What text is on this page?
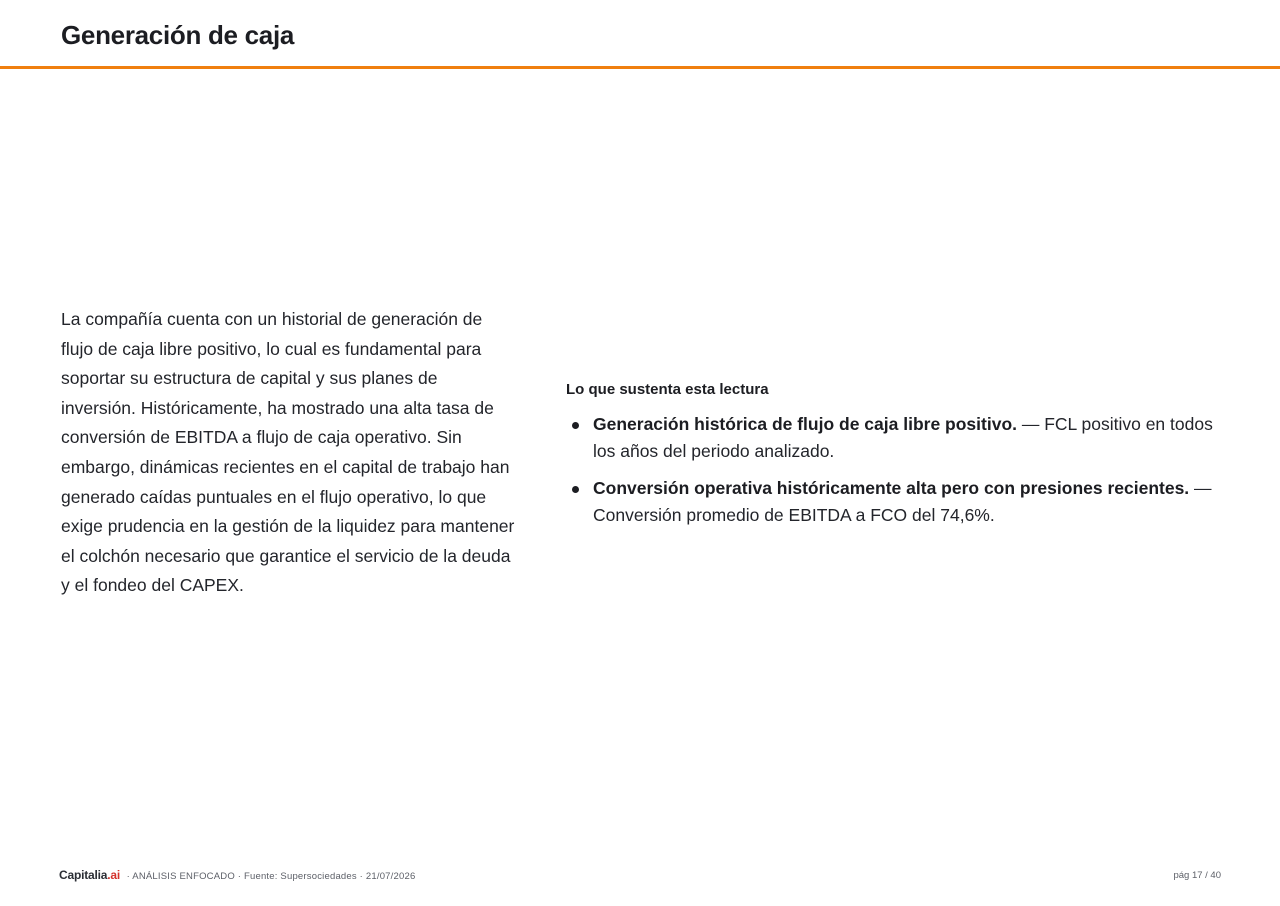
Generación de caja

La compañía cuenta con un historial de generación de flujo de caja libre positivo, lo cual es fundamental para soportar su estructura de capital y sus planes de inversión. Históricamente, ha mostrado una alta tasa de conversión de EBITDA a flujo de caja operativo. Sin embargo, dinámicas recientes en el capital de trabajo han generado caídas puntuales en el flujo operativo, lo que exige prudencia en la gestión de la liquidez para mantener el colchón necesario que garantice el servicio de la deuda y el fondeo del CAPEX.

Lo que sustenta esta lectura
Generación histórica de flujo de caja libre positivo. — FCL positivo en todos los años del periodo analizado.
Conversión operativa históricamente alta pero con presiones recientes. — Conversión promedio de EBITDA a FCO del 74,6%.
Capitalia.ai · ANÁLISIS ENFOCADO · Fuente: Supersociedades · 21/07/2026	pág 17 / 40
